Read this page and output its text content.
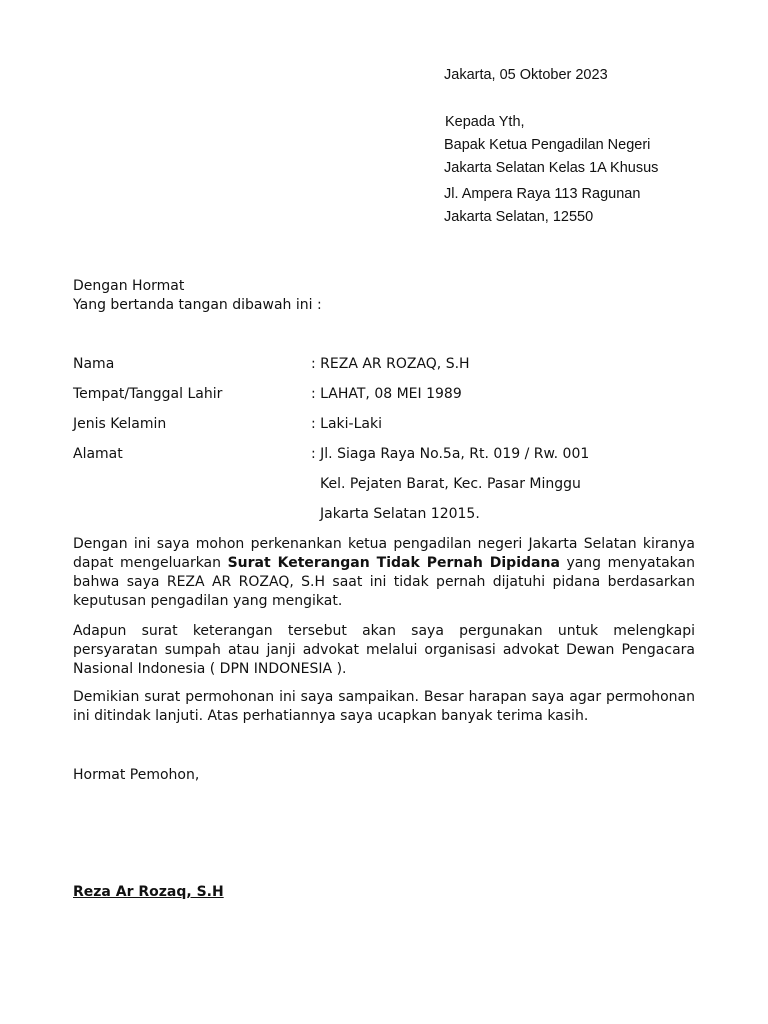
Jakarta, 05 Oktober 2023
Kepada Yth,
Bapak Ketua Pengadilan Negeri
Jakarta Selatan Kelas 1A Khusus
Jl. Ampera Raya 113 Ragunan
Jakarta Selatan, 12550
Dengan Hormat
Yang bertanda tangan dibawah ini :
Nama	: REZA AR ROZAQ, S.H
Tempat/Tanggal Lahir	: LAHAT, 08 MEI 1989
Jenis Kelamin	: Laki-Laki
Alamat	: Jl. Siaga Raya No.5a, Rt. 019 / Rw. 001
Kel. Pejaten Barat, Kec. Pasar Minggu
Jakarta Selatan 12015.
Dengan ini saya mohon perkenankan ketua pengadilan negeri Jakarta Selatan kiranya dapat mengeluarkan Surat Keterangan Tidak Pernah Dipidana yang menyatakan bahwa saya REZA AR ROZAQ, S.H saat ini tidak pernah dijatuhi pidana berdasarkan keputusan pengadilan yang mengikat.
Adapun surat keterangan tersebut akan saya pergunakan untuk melengkapi persyaratan sumpah atau janji advokat melalui organisasi advokat Dewan Pengacara Nasional Indonesia ( DPN INDONESIA ).
Demikian surat permohonan ini saya sampaikan. Besar harapan saya agar permohonan ini ditindak lanjuti. Atas perhatiannya saya ucapkan banyak terima kasih.
Hormat Pemohon,
Reza Ar Rozaq, S.H
